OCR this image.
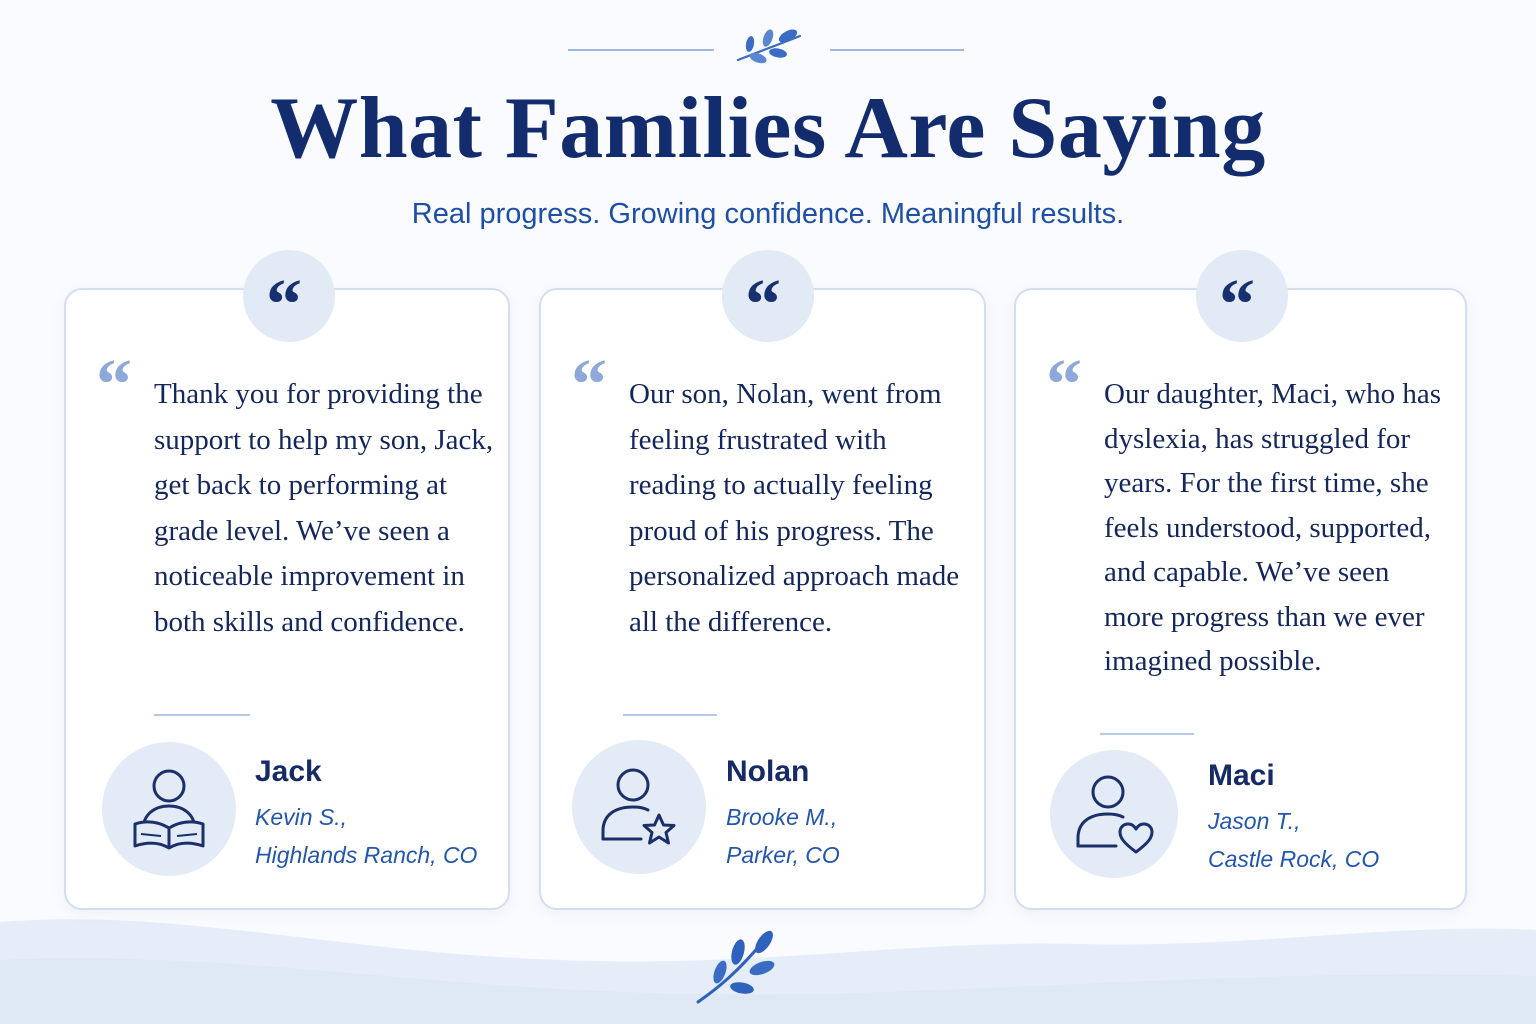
What Families Are Saying

Real progress. Growing confidence. Meaningful results.

“
“ Thank you for providing the support to help my son, Jack, get back to performing at grade level. We’ve seen a noticeable improvement in both skills and confidence.

Jack

Kevin S.,
Highlands Ranch, CO

“
“ Our son, Nolan, went from feeling frustrated with reading to actually feeling proud of his progress. The personalized approach made all the difference.

Nolan

Brooke M.,
Parker, CO

“
“ Our daughter, Maci, who has dyslexia, has struggled for years. For the first time, she feels understood, supported, and capable. We’ve seen more progress than we ever imagined possible.

Maci

Jason T.,
Castle Rock, CO
